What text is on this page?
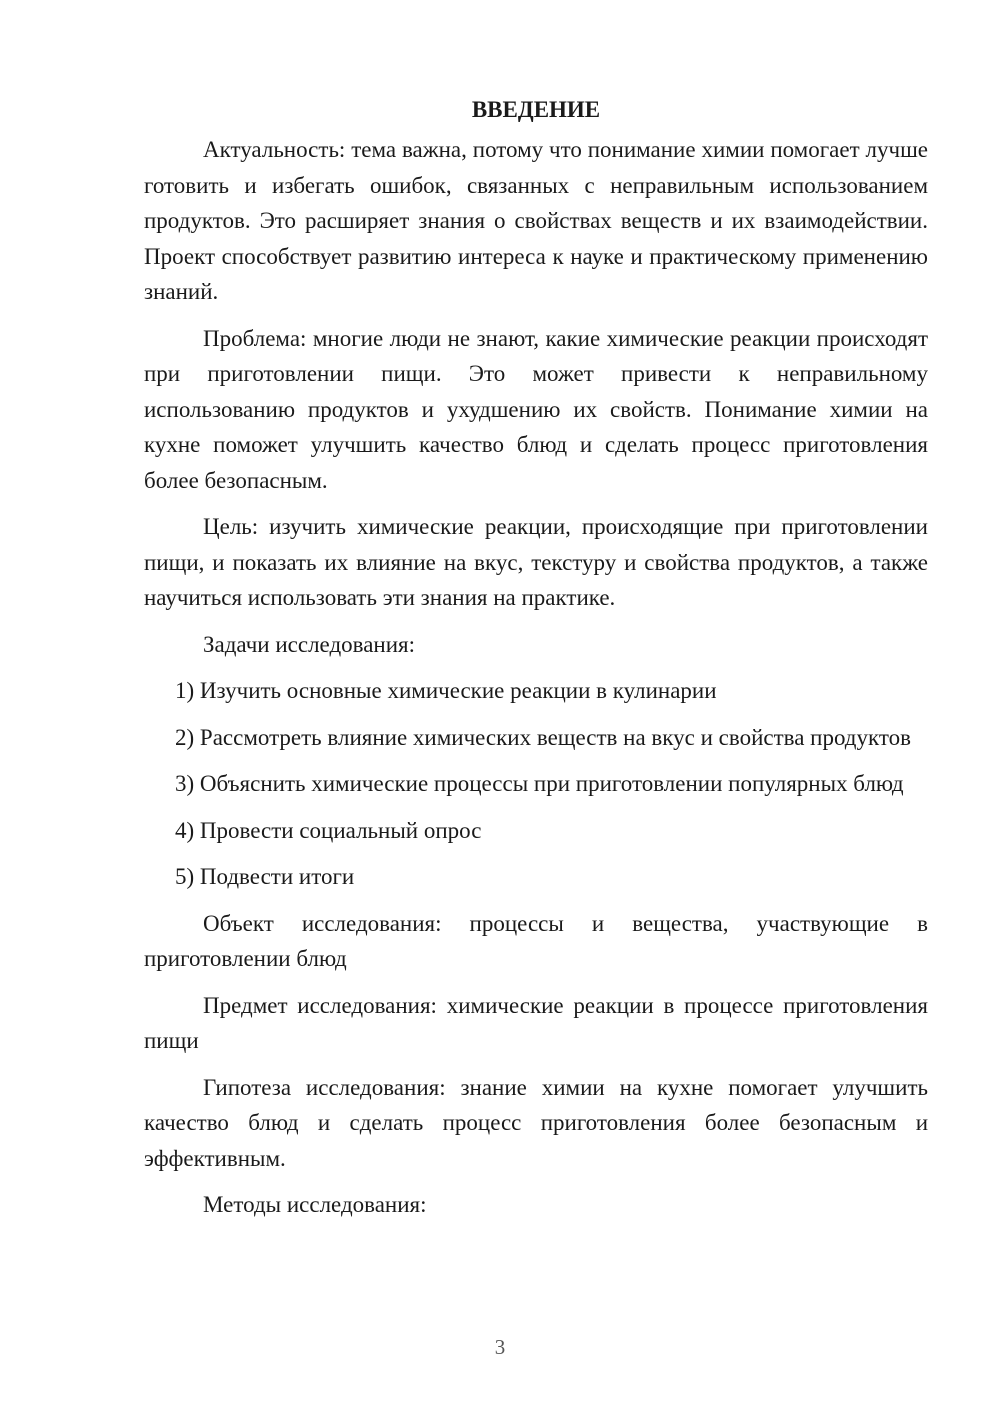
ВВЕДЕНИЕ

Актуальность: тема важна, потому что понимание химии помогает лучше готовить и избегать ошибок, связанных с неправильным использованием продуктов. Это расширяет знания о свойствах веществ и их взаимодействии. Проект способствует развитию интереса к науке и практическому применению знаний.

Проблема: многие люди не знают, какие химические реакции происходят при приготовлении пищи. Это может привести к неправильному использованию продуктов и ухудшению их свойств. Понимание химии на кухне поможет улучшить качество блюд и сделать процесс приготовления более безопасным.

Цель: изучить химические реакции, происходящие при приготовлении пищи, и показать их влияние на вкус, текстуру и свойства продуктов, а также научиться использовать эти знания на практике.

Задачи исследования:

1) Изучить основные химические реакции в кулинарии

2) Рассмотреть влияние химических веществ на вкус и свойства продуктов

3) Объяснить химические процессы при приготовлении популярных блюд

4) Провести социальный опрос

5) Подвести итоги

Объект исследования: процессы и вещества, участвующие в приготовлении блюд

Предмет исследования: химические реакции в процессе приготовления пищи

Гипотеза исследования: знание химии на кухне помогает улучшить качество блюд и сделать процесс приготовления более безопасным и эффективным.

Методы исследования:

3
